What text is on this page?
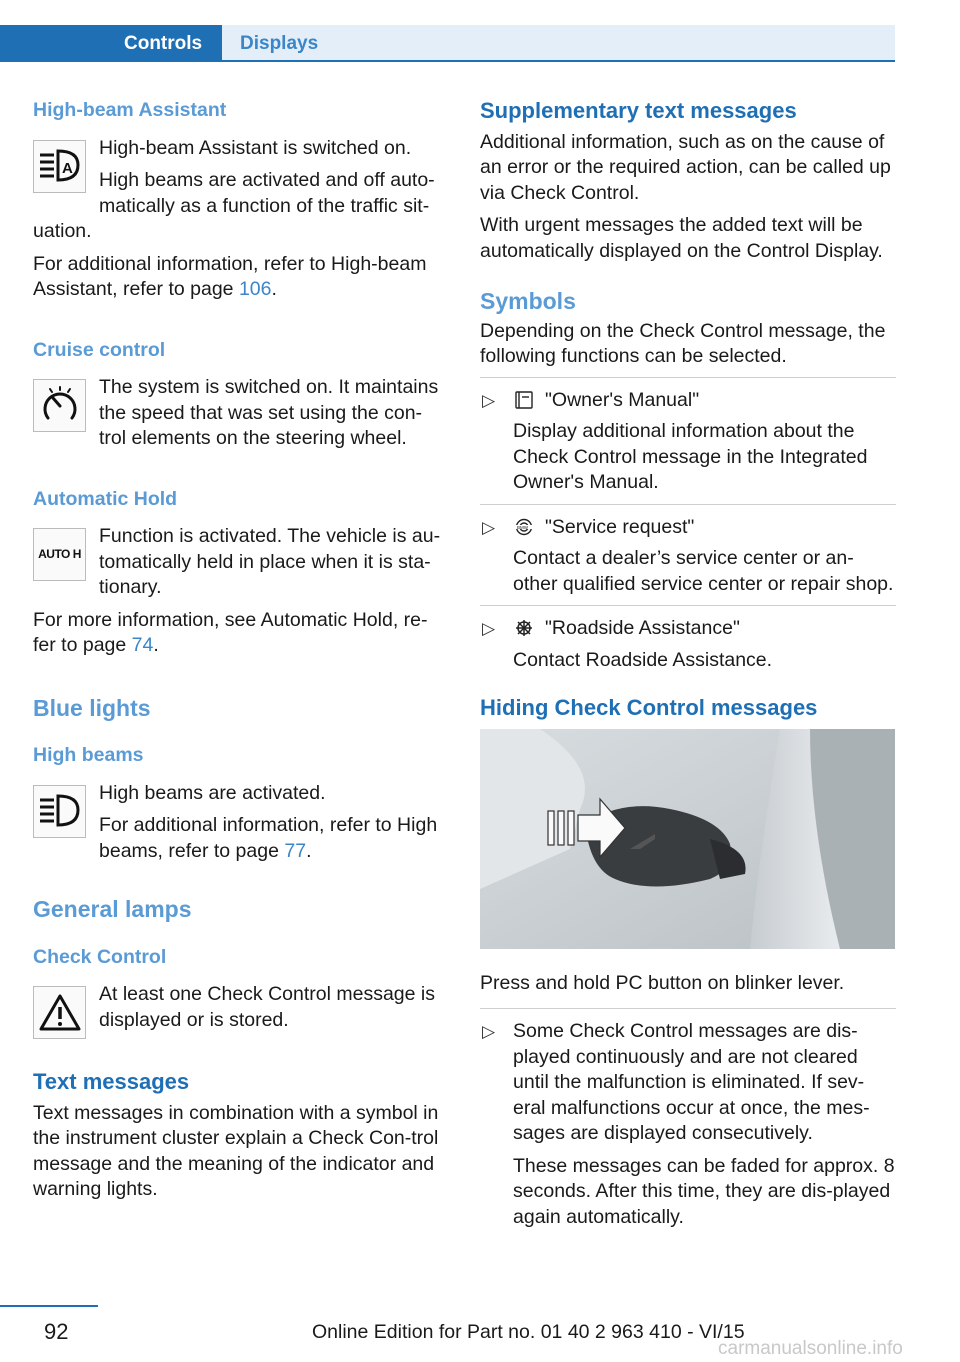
Controls Displays
High-beam Assistant
A

High-beam Assistant is switched on.

High beams are activated and off auto-matically as a function of the traffic sit-uation.

For additional information, refer to High-beam Assistant, refer to page 106.

Cruise control

The system is switched on. It maintains the speed that was set using the con-trol elements on the steering wheel.

Automatic Hold
AUTO H

Function is activated. The vehicle is au-tomatically held in place when it is sta-tionary.

For more information, see Automatic Hold, re-fer to page 74.

Blue lights
High beams

High beams are activated.

For additional information, refer to High beams, refer to page 77.

General lamps
Check Control

At least one Check Control message is displayed or is stored.

Text messages

Text messages in combination with a symbol in the instrument cluster explain a Check Con-trol message and the meaning of the indicator and warning lights.

Supplementary text messages

Additional information, such as on the cause of an error or the required action, can be called up via Check Control.

With urgent messages the added text will be automatically displayed on the Control Display.

Symbols

Depending on the Check Control message, the following functions can be selected.

▷	"Owner's Manual"
Display additional information about the Check Control message in the Integrated Owner's Manual.
▷	BMW "Service request"
Contact a dealer’s service center or an-other qualified service center or repair shop.
▷	"Roadside Assistance"
Contact Roadside Assistance.
Hiding Check Control messages

Press and hold PC button on blinker lever.

▷ Some Check Control messages are dis-played continuously and are not cleared until the malfunction is eliminated. If sev-eral malfunctions occur at once, the mes-sages are displayed consecutively.

These messages can be faded for approx. 8 seconds. After this time, they are dis-played again automatically.

92	Online Edition for Part no. 01 40 2 963 410 - VI/15
carmanualsonline.info
